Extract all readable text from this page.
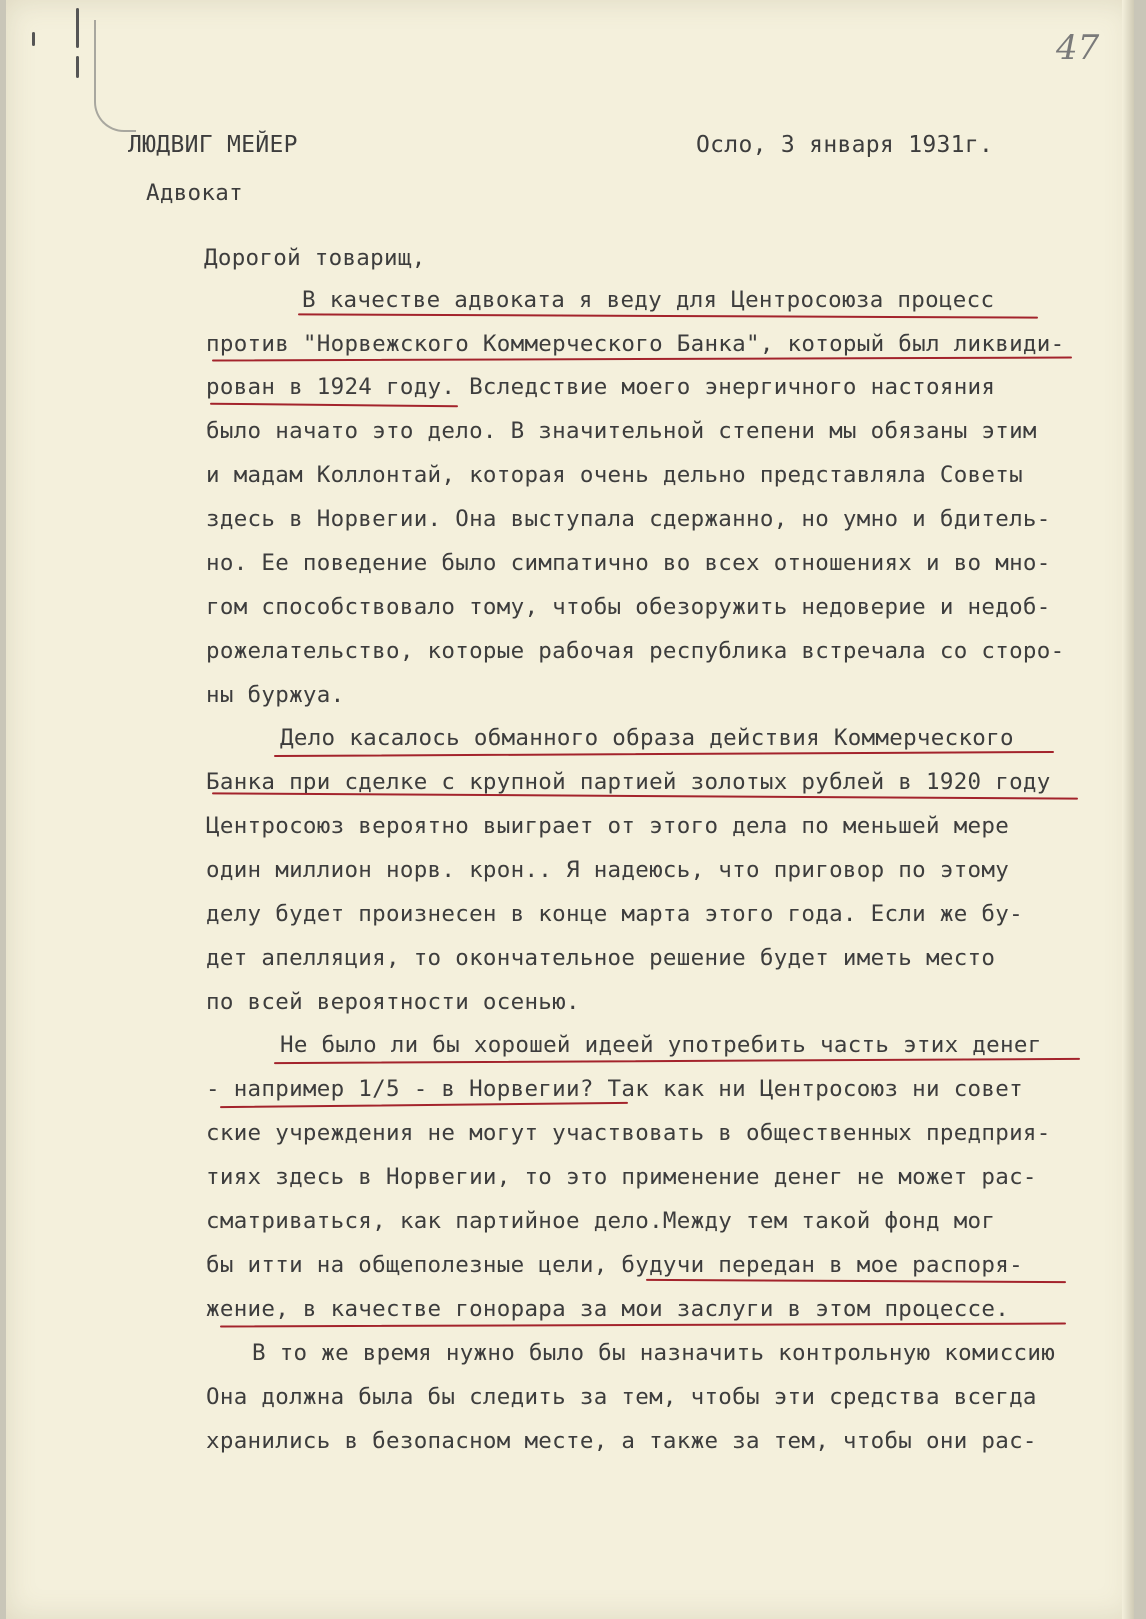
47
ЛЮДВИГ МЕЙЕР	Осло, 3 января 1931г.
Адвокат
Дорогой товарищ,
В качестве адвоката я веду для Центросоюза процесс
против "Норвежского Коммерческого Банка", который был ликвиди-
рован в 1924 году. Вследствие моего энергичного настояния
было начато это дело. В значительной степени мы обязаны этим
и мадам Коллонтай, которая очень дельно представляла Советы
здесь в Норвегии. Она выступала сдержанно, но умно и бдитель-
но. Ее поведение было симпатично во всех отношениях и во мно-
гом способствовало тому, чтобы обезоружить недоверие и недоб-
рожелательство, которые рабочая республика встречала со сторо-
ны буржуа.
Дело касалось обманного образа действия Коммерческого
Банка при сделке с крупной партией золотых рублей в 1920 году
Центросоюз вероятно выиграет от этого дела по меньшей мере
один миллион норв. крон.. Я надеюсь, что приговор по этому
делу будет произнесен в конце марта этого года. Если же бу-
дет апелляция, то окончательное решение будет иметь место
по всей вероятности осенью.
Не было ли бы хорошей идеей употребить часть этих денег
- например 1/5 - в Норвегии? Так как ни Центросоюз ни совет
ские учреждения не могут участвовать в общественных предприя-
тиях здесь в Норвегии, то это применение денег не может рас-
сматриваться, как партийное дело.Между тем такой фонд мог
бы итти на общеполезные цели, будучи передан в мое распоря-
жение, в качестве гонорара за мои заслуги в этом процессе.
В то же время нужно было бы назначить контрольную комиссию
Она должна была бы следить за тем, чтобы эти средства всегда
хранились в безопасном месте, а также за тем, чтобы они рас-
